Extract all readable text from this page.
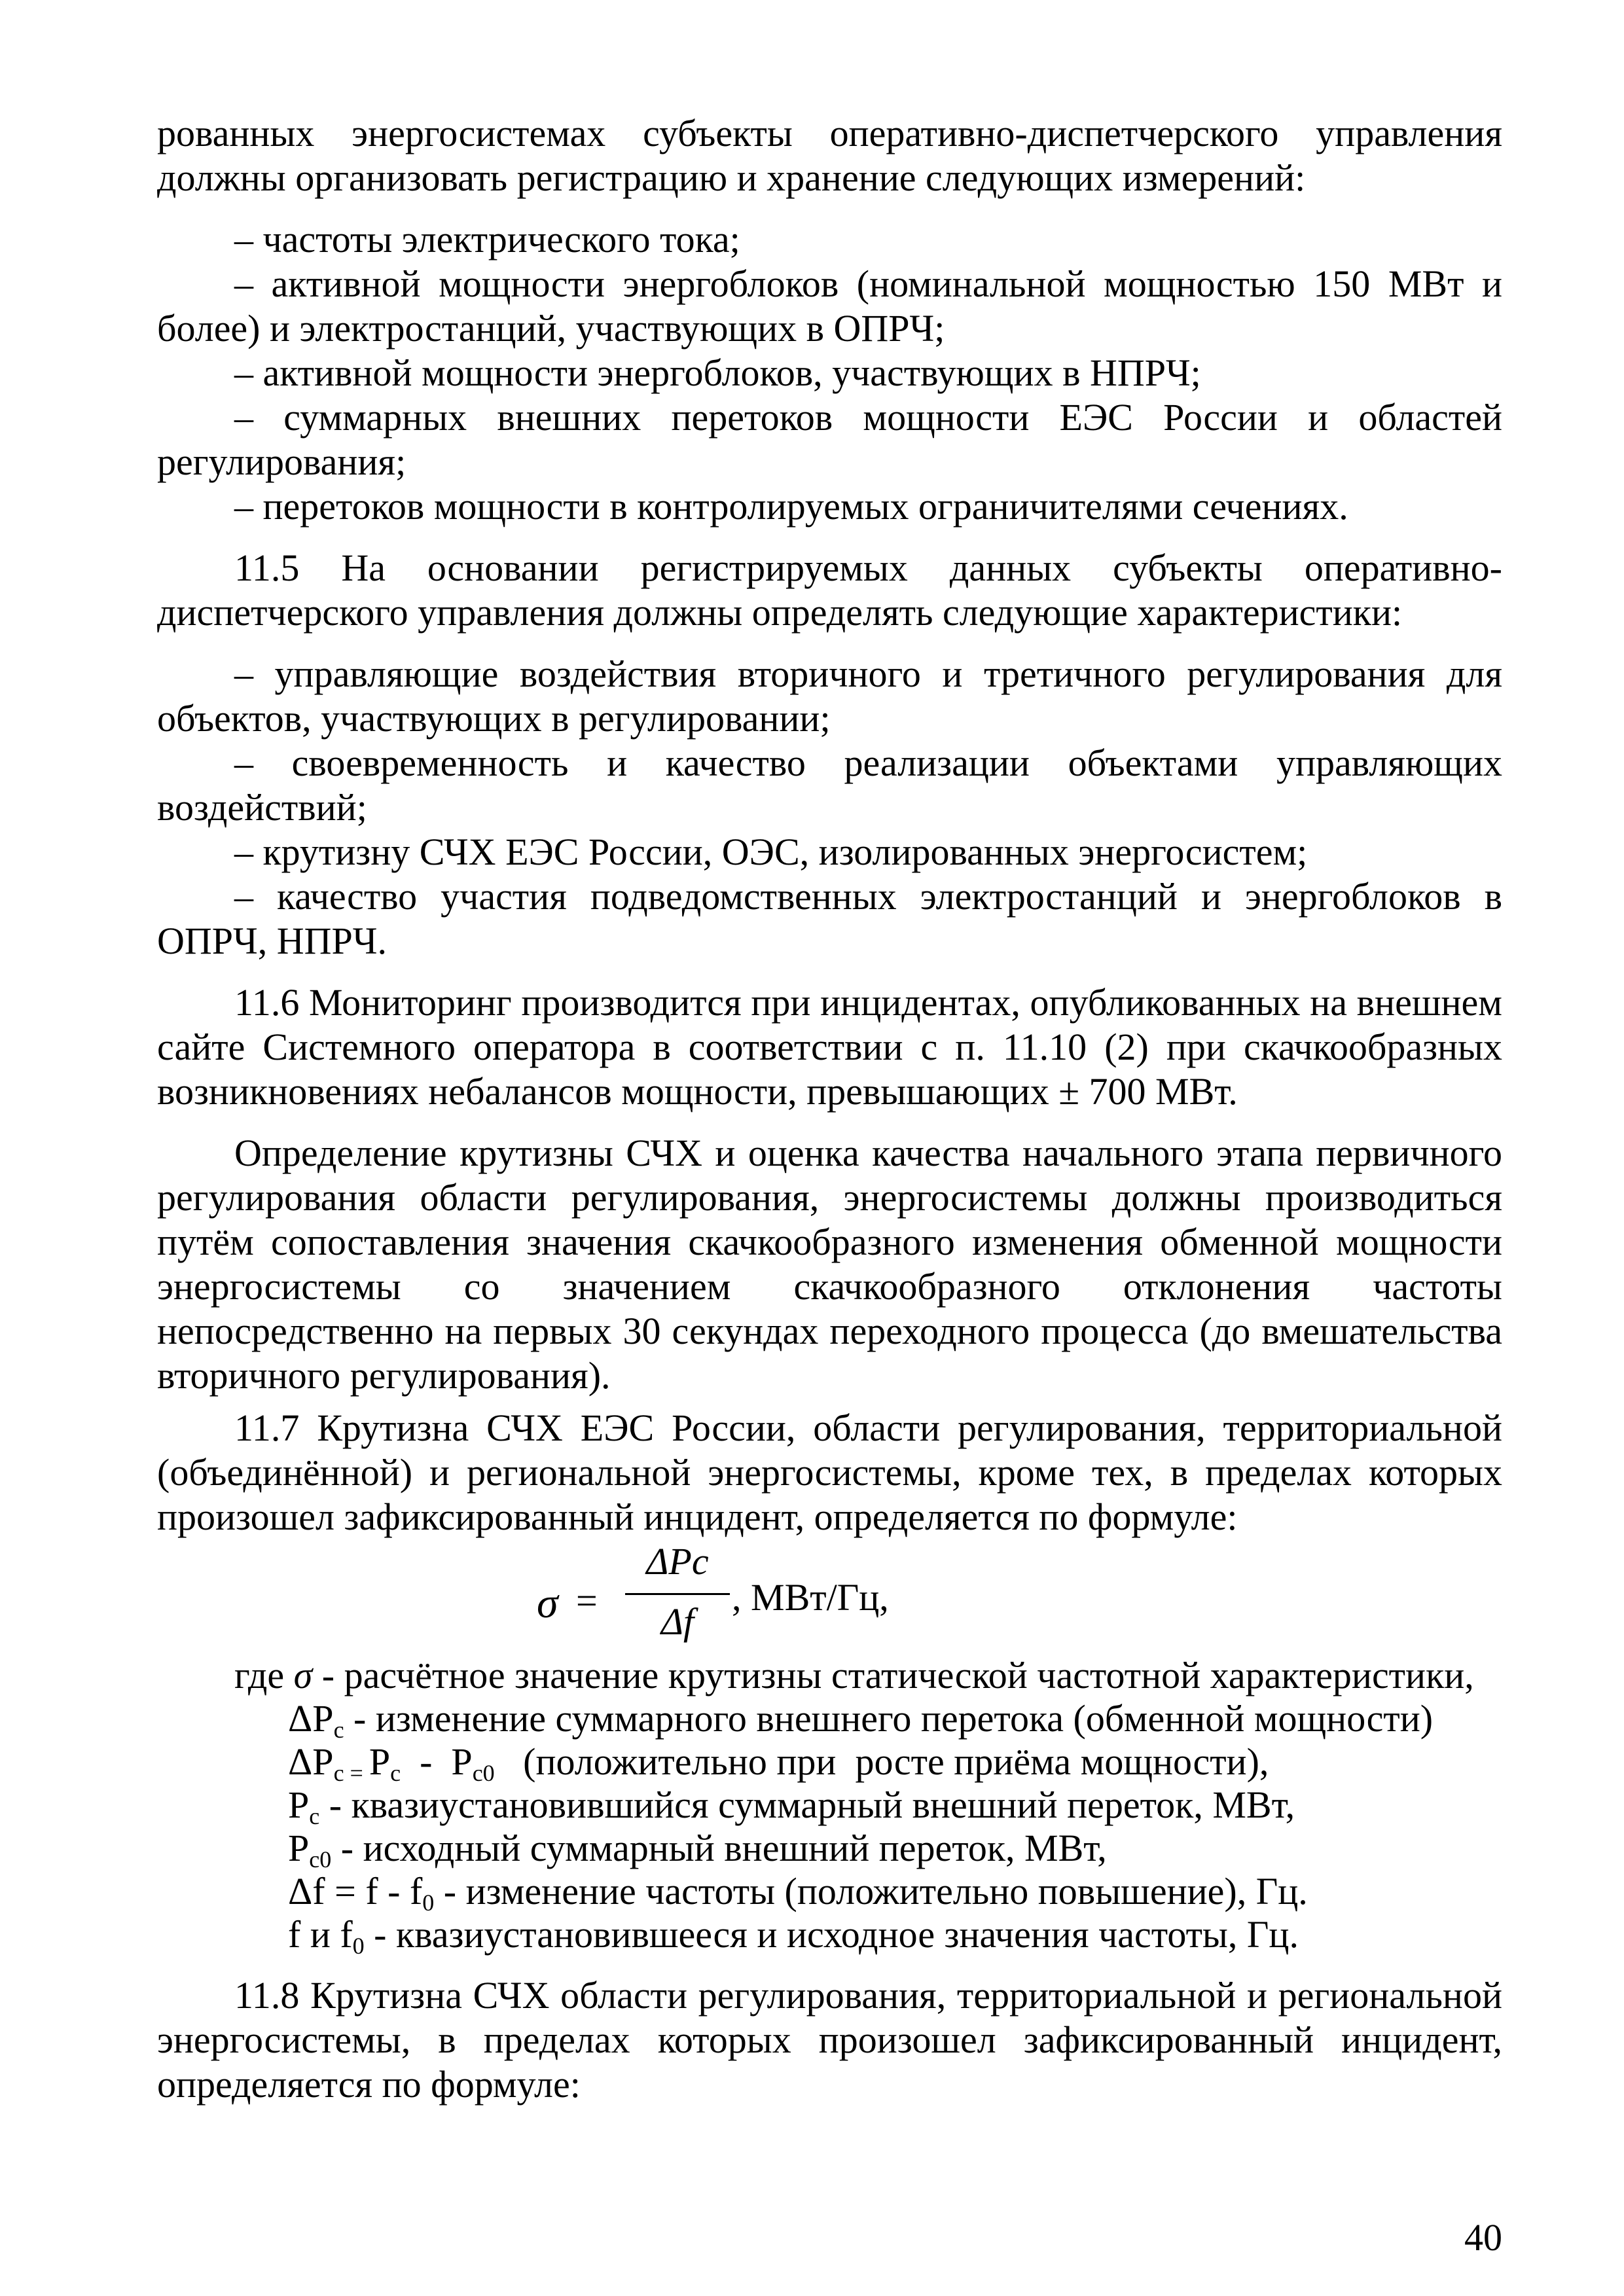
рованных энергосистемах субъекты оперативно-диспетчерского управления должны организовать регистрацию и хранение следующих измерений:

– частоты электрического тока;

– активной мощности энергоблоков (номинальной мощностью 150 МВт и более) и электростанций, участвующих в ОПРЧ;

– активной мощности энергоблоков, участвующих в НПРЧ;

– суммарных внешних перетоков мощности ЕЭС России и областей регулирования;

– перетоков мощности в контролируемых ограничителями сечениях.

11.5 На основании регистрируемых данных субъекты оперативно-диспетчерского управления должны определять следующие характеристики:

– управляющие воздействия вторичного и третичного регулирования для объектов, участвующих в регулировании;

– своевременность и качество реализации объектами управляющих воздействий;

– крутизну СЧХ ЕЭС России, ОЭС, изолированных энергосистем;

– качество участия подведомственных электростанций и энергоблоков в ОПРЧ, НПРЧ.

11.6 Мониторинг производится при инцидентах, опубликованных на внешнем сайте Системного оператора в соответствии с п. 11.10 (2) при скачкообразных возникновениях небалансов мощности, превышающих ± 700 МВт.

Определение крутизны СЧХ и оценка качества начального этапа первичного регулирования области регулирования, энергосистемы должны производиться путём сопоставления значения скачкообразного изменения обменной мощности энергосистемы со значением скачкообразного отклонения частоты непосредственно на первых 30 секундах переходного процесса (до вмешательства вторичного регулирования).

11.7 Крутизна СЧХ ЕЭС России, области регулирования, территориальной (объединённой) и региональной энергосистемы, кроме тех, в пределах которых произошел зафиксированный инцидент, определяется по формуле:

σ =
ΔPc
Δf
, МВт/Гц,
где σ - расчётное значение крутизны статической частотной характеристики,
$\Delta P_c$ - изменение суммарного внешнего перетока (обменной мощности)
$\Delta P_{c =}$ $P_c - P_{c0}$   (положительно при  росте приёма мощности),
$P_c$ - квазиустановившийся суммарный внешний переток, МВт,
$P_{c0}$ - исходный суммарный внешний переток, МВт,
$\Delta f = f - f_0$ - изменение частоты (положительно повышение), Гц.
f и $f_0$ - квазиустановившееся и исходное значения частоты, Гц.

11.8 Крутизна СЧХ области регулирования, территориальной и региональной энергосистемы, в пределах которых произошел зафиксированный инцидент, определяется по формуле:

40
